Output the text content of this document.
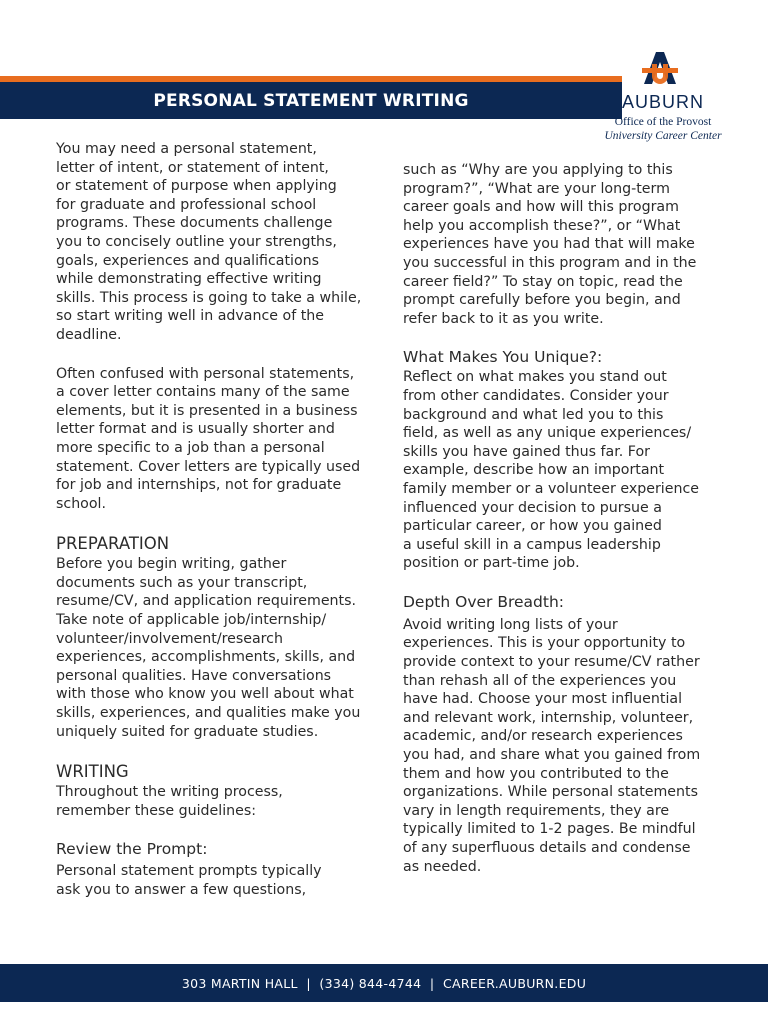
PERSONAL STATEMENT WRITING	AUBURN
Office of the Provost
University Career Center

You may need a personal statement,
letter of intent, or statement of intent,
or statement of purpose when applying
for graduate and professional school
programs. These documents challenge
you to concisely outline your strengths,
goals, experiences and qualifications
while demonstrating effective writing
skills. This process is going to take a while,
so start writing well in advance of the
deadline.

Often confused with personal statements,
a cover letter contains many of the same
elements, but it is presented in a business
letter format and is usually shorter and
more specific to a job than a personal
statement. Cover letters are typically used
for job and internships, not for graduate
school.

PREPARATION

Before you begin writing, gather
documents such as your transcript,
resume/CV, and application requirements.
Take note of applicable job/internship/
volunteer/involvement/research
experiences, accomplishments, skills, and
personal qualities. Have conversations
with those who know you well about what
skills, experiences, and qualities make you
uniquely suited for graduate studies.

WRITING

Throughout the writing process,
remember these guidelines:

Review the Prompt:

Personal statement prompts typically
ask you to answer a few questions,

such as “Why are you applying to this
program?”, “What are your long-term
career goals and how will this program
help you accomplish these?”, or “What
experiences have you had that will make
you successful in this program and in the
career field?” To stay on topic, read the
prompt carefully before you begin, and
refer back to it as you write.

What Makes You Unique?:

Reflect on what makes you stand out
from other candidates. Consider your
background and what led you to this
field, as well as any unique experiences/
skills you have gained thus far. For
example, describe how an important
family member or a volunteer experience
influenced your decision to pursue a
particular career, or how you gained
a useful skill in a campus leadership
position or part-time job.

Depth Over Breadth:

Avoid writing long lists of your
experiences. This is your opportunity to
provide context to your resume/CV rather
than rehash all of the experiences you
have had. Choose your most influential
and relevant work, internship, volunteer,
academic, and/or research experiences
you had, and share what you gained from
them and how you contributed to the
organizations. While personal statements
vary in length requirements, they are
typically limited to 1-2 pages. Be mindful
of any superfluous details and condense
as needed.

303 MARTIN HALL  |  (334) 844-4744  |  CAREER.AUBURN.EDU
